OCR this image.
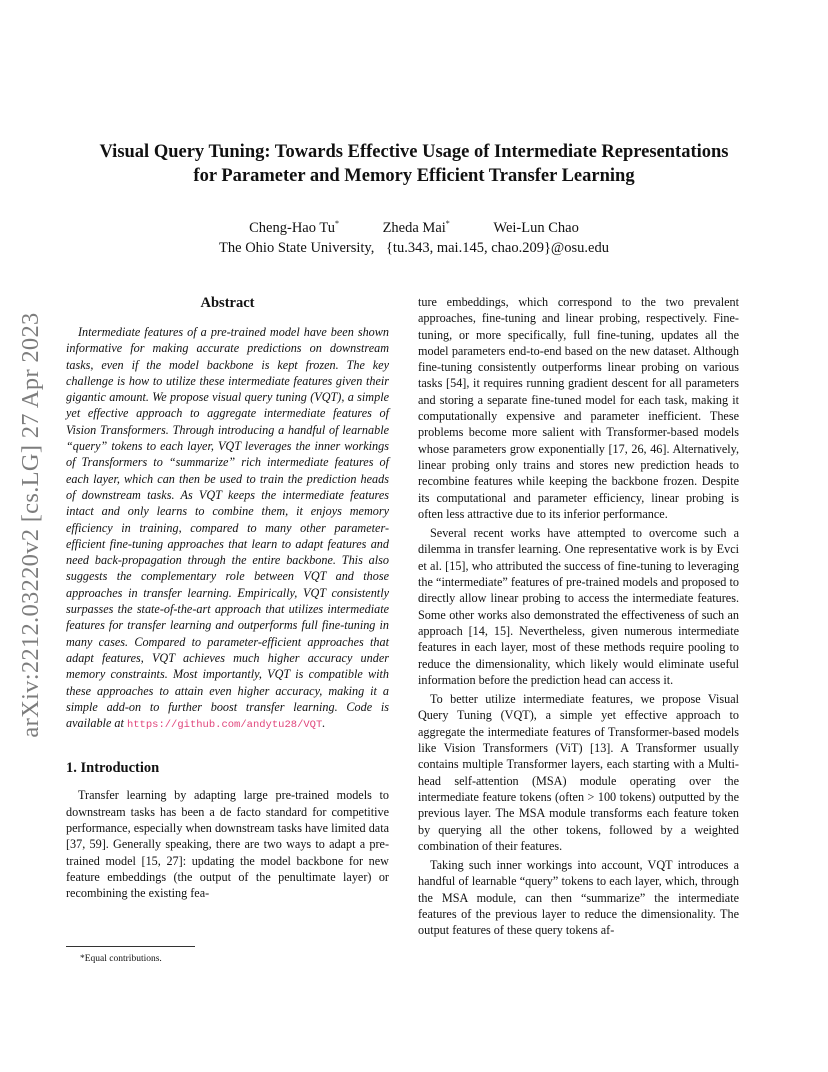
arXiv:2212.03220v2 [cs.LG] 27 Apr 2023
Visual Query Tuning: Towards Effective Usage of Intermediate Representations
for Parameter and Memory Efficient Transfer Learning
Cheng-Hao Tu*	Zheda Mai*	Wei-Lun Chao
The Ohio State University, {tu.343, mai.145, chao.209}@osu.edu
Abstract

Intermediate features of a pre-trained model have been shown informative for making accurate predictions on downstream tasks, even if the model backbone is kept frozen. The key challenge is how to utilize these intermediate features given their gigantic amount. We propose visual query tuning (VQT), a simple yet effective approach to aggregate intermediate features of Vision Transformers. Through introducing a handful of learnable “query” tokens to each layer, VQT leverages the inner workings of Transformers to “summarize” rich intermediate features of each layer, which can then be used to train the prediction heads of downstream tasks. As VQT keeps the intermediate features intact and only learns to combine them, it enjoys memory efficiency in training, compared to many other parameter-efficient fine-tuning approaches that learn to adapt features and need back-propagation through the entire backbone. This also suggests the complementary role between VQT and those approaches in transfer learning. Empirically, VQT consistently surpasses the state-of-the-art approach that utilizes intermediate features for transfer learning and outperforms full fine-tuning in many cases. Compared to parameter-efficient approaches that adapt features, VQT achieves much higher accuracy under memory constraints. Most importantly, VQT is compatible with these approaches to attain even higher accuracy, making it a simple add-on to further boost transfer learning. Code is available at https://github.com/andytu28/VQT.

1. Introduction

Transfer learning by adapting large pre-trained models to downstream tasks has been a de facto standard for competitive performance, especially when downstream tasks have limited data [37, 59]. Generally speaking, there are two ways to adapt a pre-trained model [15, 27]: updating the model backbone for new feature embeddings (the output of the penultimate layer) or recombining the existing fea-

*Equal contributions.

ture embeddings, which correspond to the two prevalent approaches, fine-tuning and linear probing, respectively. Fine-tuning, or more specifically, full fine-tuning, updates all the model parameters end-to-end based on the new dataset. Although fine-tuning consistently outperforms linear probing on various tasks [54], it requires running gradient descent for all parameters and storing a separate fine-tuned model for each task, making it computationally expensive and parameter inefficient. These problems become more salient with Transformer-based models whose parameters grow exponentially [17, 26, 46]. Alternatively, linear probing only trains and stores new prediction heads to recombine features while keeping the backbone frozen. Despite its computational and parameter efficiency, linear probing is often less attractive due to its inferior performance.

Several recent works have attempted to overcome such a dilemma in transfer learning. One representative work is by Evci et al. [15], who attributed the success of fine-tuning to leveraging the “intermediate” features of pre-trained models and proposed to directly allow linear probing to access the intermediate features. Some other works also demonstrated the effectiveness of such an approach [14, 15]. Nevertheless, given numerous intermediate features in each layer, most of these methods require pooling to reduce the dimensionality, which likely would eliminate useful information before the prediction head can access it.

To better utilize intermediate features, we propose Visual Query Tuning (VQT), a simple yet effective approach to aggregate the intermediate features of Transformer-based models like Vision Transformers (ViT) [13]. A Transformer usually contains multiple Transformer layers, each starting with a Multi-head self-attention (MSA) module operating over the intermediate feature tokens (often > 100 tokens) outputted by the previous layer. The MSA module transforms each feature token by querying all the other tokens, followed by a weighted combination of their features.

Taking such inner workings into account, VQT introduces a handful of learnable “query” tokens to each layer, which, through the MSA module, can then “summarize” the intermediate features of the previous layer to reduce the dimensionality. The output features of these query tokens af-
